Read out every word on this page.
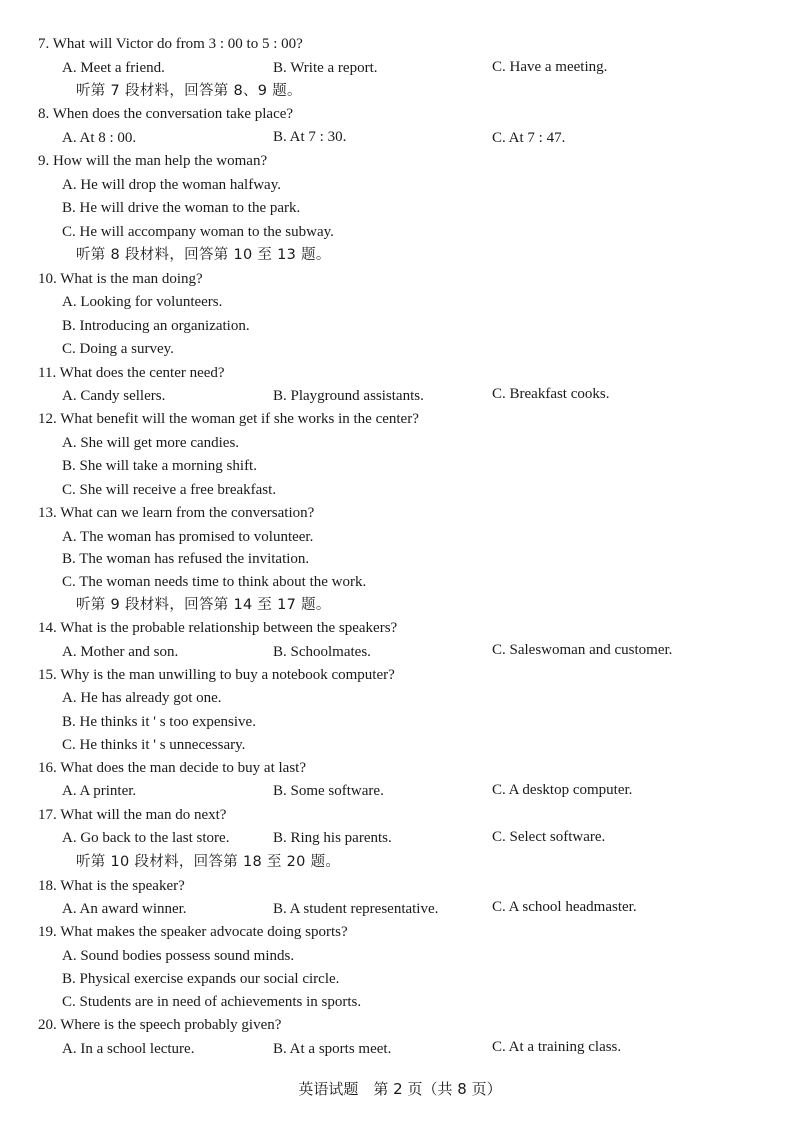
7. What will Victor do from 3 : 00 to 5 : 00?
A. Meet a friend.	B. Write a report.	C. Have a meeting.
听第 7 段材料，回答第 8、9 题。
8. When does the conversation take place?
A. At 8 : 00.	B. At 7 : 30.	C. At 7 : 47.
9. How will the man help the woman?
A. He will drop the woman halfway.
B. He will drive the woman to the park.
C. He will accompany woman to the subway.
听第 8 段材料，回答第 10 至 13 题。
10. What is the man doing?
A. Looking for volunteers.
B. Introducing an organization.
C. Doing a survey.
11. What does the center need?
A. Candy sellers.	B. Playground assistants.	C. Breakfast cooks.
12. What benefit will the woman get if she works in the center?
A. She will get more candies.
B. She will take a morning shift.
C. She will receive a free breakfast.
13. What can we learn from the conversation?
A. The woman has promised to volunteer.
B. The woman has refused the invitation.
C. The woman needs time to think about the work.
听第 9 段材料，回答第 14 至 17 题。
14. What is the probable relationship between the speakers?
A. Mother and son.	B. Schoolmates.	C. Saleswoman and customer.
15. Why is the man unwilling to buy a notebook computer?
A. He has already got one.
B. He thinks it ' s too expensive.
C. He thinks it ' s unnecessary.
16. What does the man decide to buy at last?
A. A printer.	B. Some software.	C. A desktop computer.
17. What will the man do next?
A. Go back to the last store.	B. Ring his parents.	C. Select software.
听第 10 段材料，回答第 18 至 20 题。
18. What is the speaker?
A. An award winner.	B. A student representative.	C. A school headmaster.
19. What makes the speaker advocate doing sports?
A. Sound bodies possess sound minds.
B. Physical exercise expands our social circle.
C. Students are in need of achievements in sports.
20. Where is the speech probably given?
A. In a school lecture.	B. At a sports meet.	C. At a training class.
英语试题　第 2 页（共 8 页）
